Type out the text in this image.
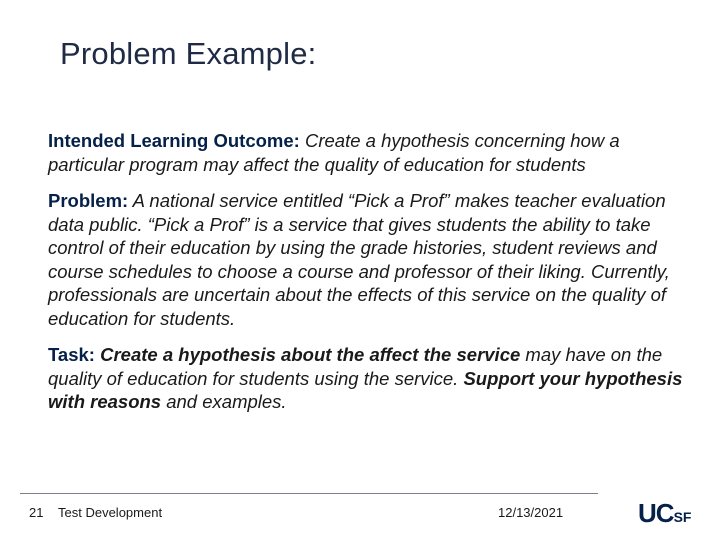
Problem Example:

Intended Learning Outcome: Create a hypothesis concerning how a particular program may affect the quality of education for students

Problem: A national service entitled “Pick a Prof” makes teacher evaluation data public. “Pick a Prof” is a service that gives students the ability to take control of their education by using the grade histories, student reviews and course schedules to choose a course and professor of their liking. Currently, professionals are uncertain about the effects of this service on the quality of education for students.

Task: Create a hypothesis about the affect the service may have on the quality of education for students using the service. Support your hypothesis with reasons and examples.

21 Test Development	12/13/2021	UCSF
